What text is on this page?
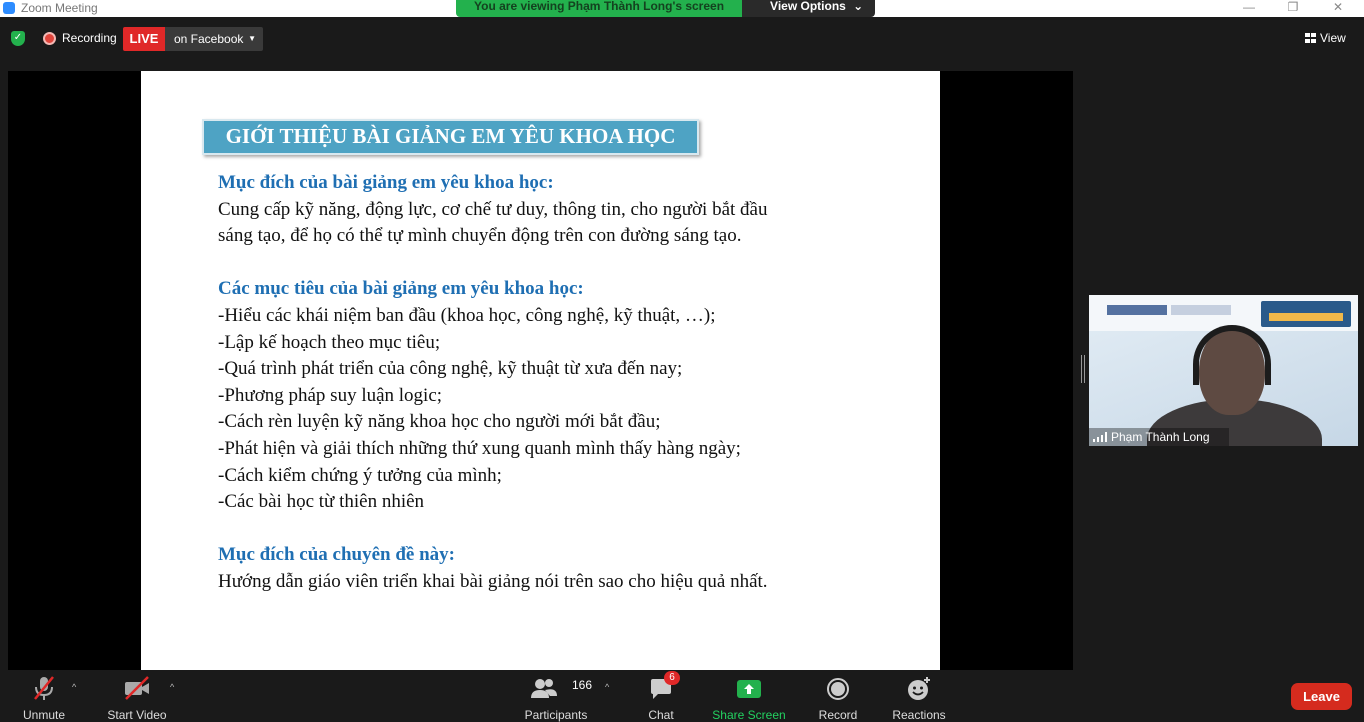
Zoom Meeting	—	❐	✕
You are viewing Phạm Thành Long's screen	View Options ⌄
✓	Recording LIVE	on Facebook ▼	View
GIỚI THIỆU BÀI GIẢNG EM YÊU KHOA HỌC
Mục đích của bài giảng em yêu khoa học:
Cung cấp kỹ năng, động lực, cơ chế tư duy, thông tin, cho người bắt đầu
sáng tạo, để họ có thể tự mình chuyển động trên con đường sáng tạo.
Các mục tiêu của bài giảng em yêu khoa học:
-Hiểu các khái niệm ban đầu (khoa học, công nghệ, kỹ thuật, …);
-Lập kế hoạch theo mục tiêu;
-Quá trình phát triển của công nghệ, kỹ thuật từ xưa đến nay;
-Phương pháp suy luận logic;
-Cách rèn luyện kỹ năng khoa học cho người mới bắt đầu;
-Phát hiện và giải thích những thứ xung quanh mình thấy hàng ngày;
-Cách kiểm chứng ý tưởng của mình;
-Các bài học từ thiên nhiên
Mục đích của chuyên đề này:
Hướng dẫn giáo viên triển khai bài giảng nói trên sao cho hiệu quả nhất.
Phạm Thành Long
Unmute
^
Start Video
^	166
Participants
^
6
Chat	Share Screen	Record	Reactions
Leave
